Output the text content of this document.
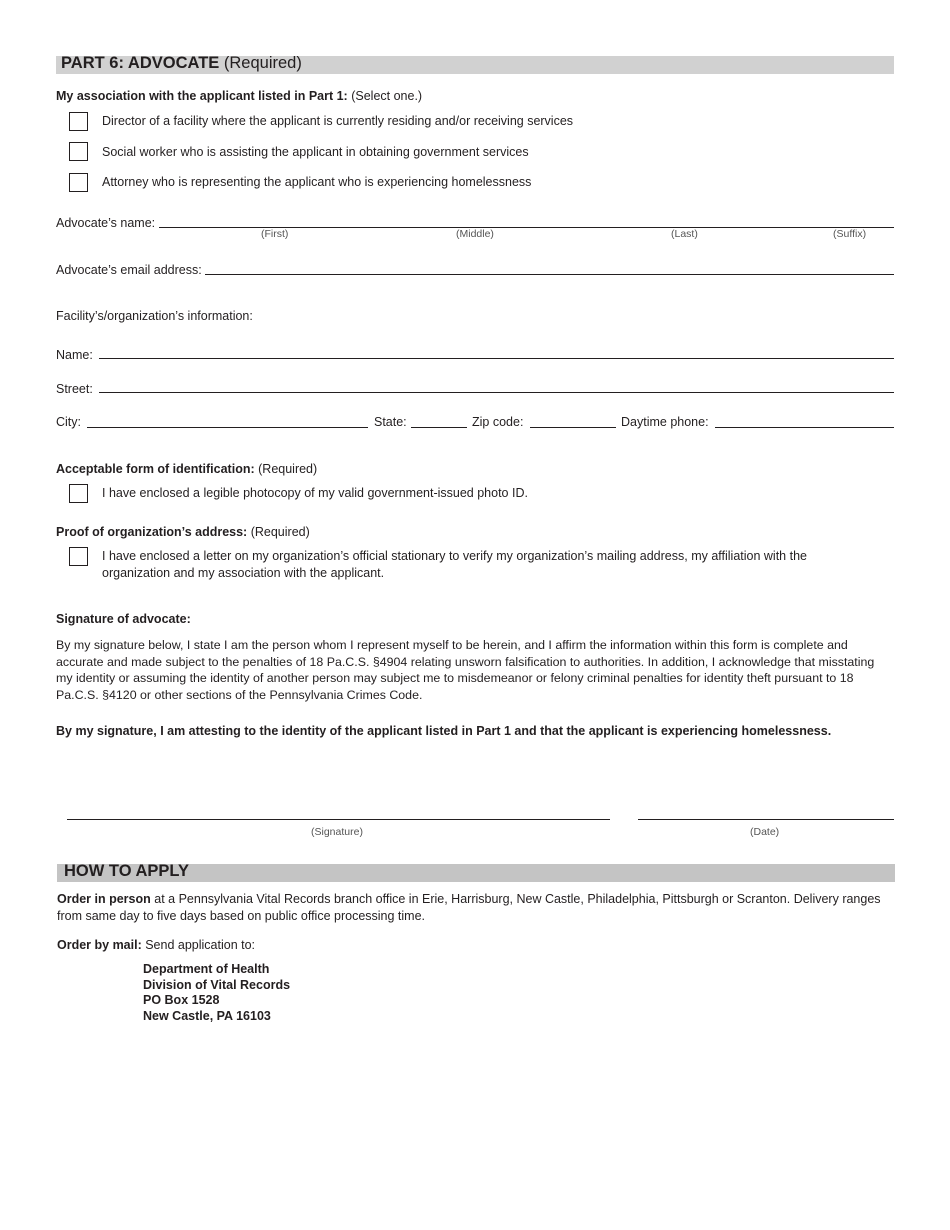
PART 6: ADVOCATE (Required)
My association with the applicant listed in Part 1: (Select one.)
Director of a facility where the applicant is currently residing and/or receiving services
Social worker who is assisting the applicant in obtaining government services
Attorney who is representing the applicant who is experiencing homelessness
Advocate’s name:
(First)	(Middle)	(Last)	(Suffix)
Advocate’s email address:
Facility’s/organization’s information:
Name:
Street:
City:	State:	Zip code:	Daytime phone:
Acceptable form of identification: (Required)
I have enclosed a legible photocopy of my valid government-issued photo ID.
Proof of organization’s address: (Required)
I have enclosed a letter on my organization’s official stationary to verify my organization’s mailing address, my affiliation with the
organization and my association with the applicant.
Signature of advocate:
By my signature below, I state I am the person whom I represent myself to be herein, and I affirm the information within this form is complete and accurate and made subject to the penalties of 18 Pa.C.S. §4904 relating unsworn falsification to authorities. In addition, I acknowledge that misstating my identity or assuming the identity of another person may subject me to misdemeanor or felony criminal penalties for identity theft pursuant to 18 Pa.C.S. §4120 or other sections of the Pennsylvania Crimes Code.
By my signature, I am attesting to the identity of the applicant listed in Part 1 and that the applicant is experiencing homelessness.
(Signature)	(Date)
HOW TO APPLY
Order in person at a Pennsylvania Vital Records branch office in Erie, Harrisburg, New Castle, Philadelphia, Pittsburgh or Scranton. Delivery ranges from same day to five days based on public office processing time.
Order by mail: Send application to:
Department of Health
Division of Vital Records
PO Box 1528
New Castle, PA 16103
